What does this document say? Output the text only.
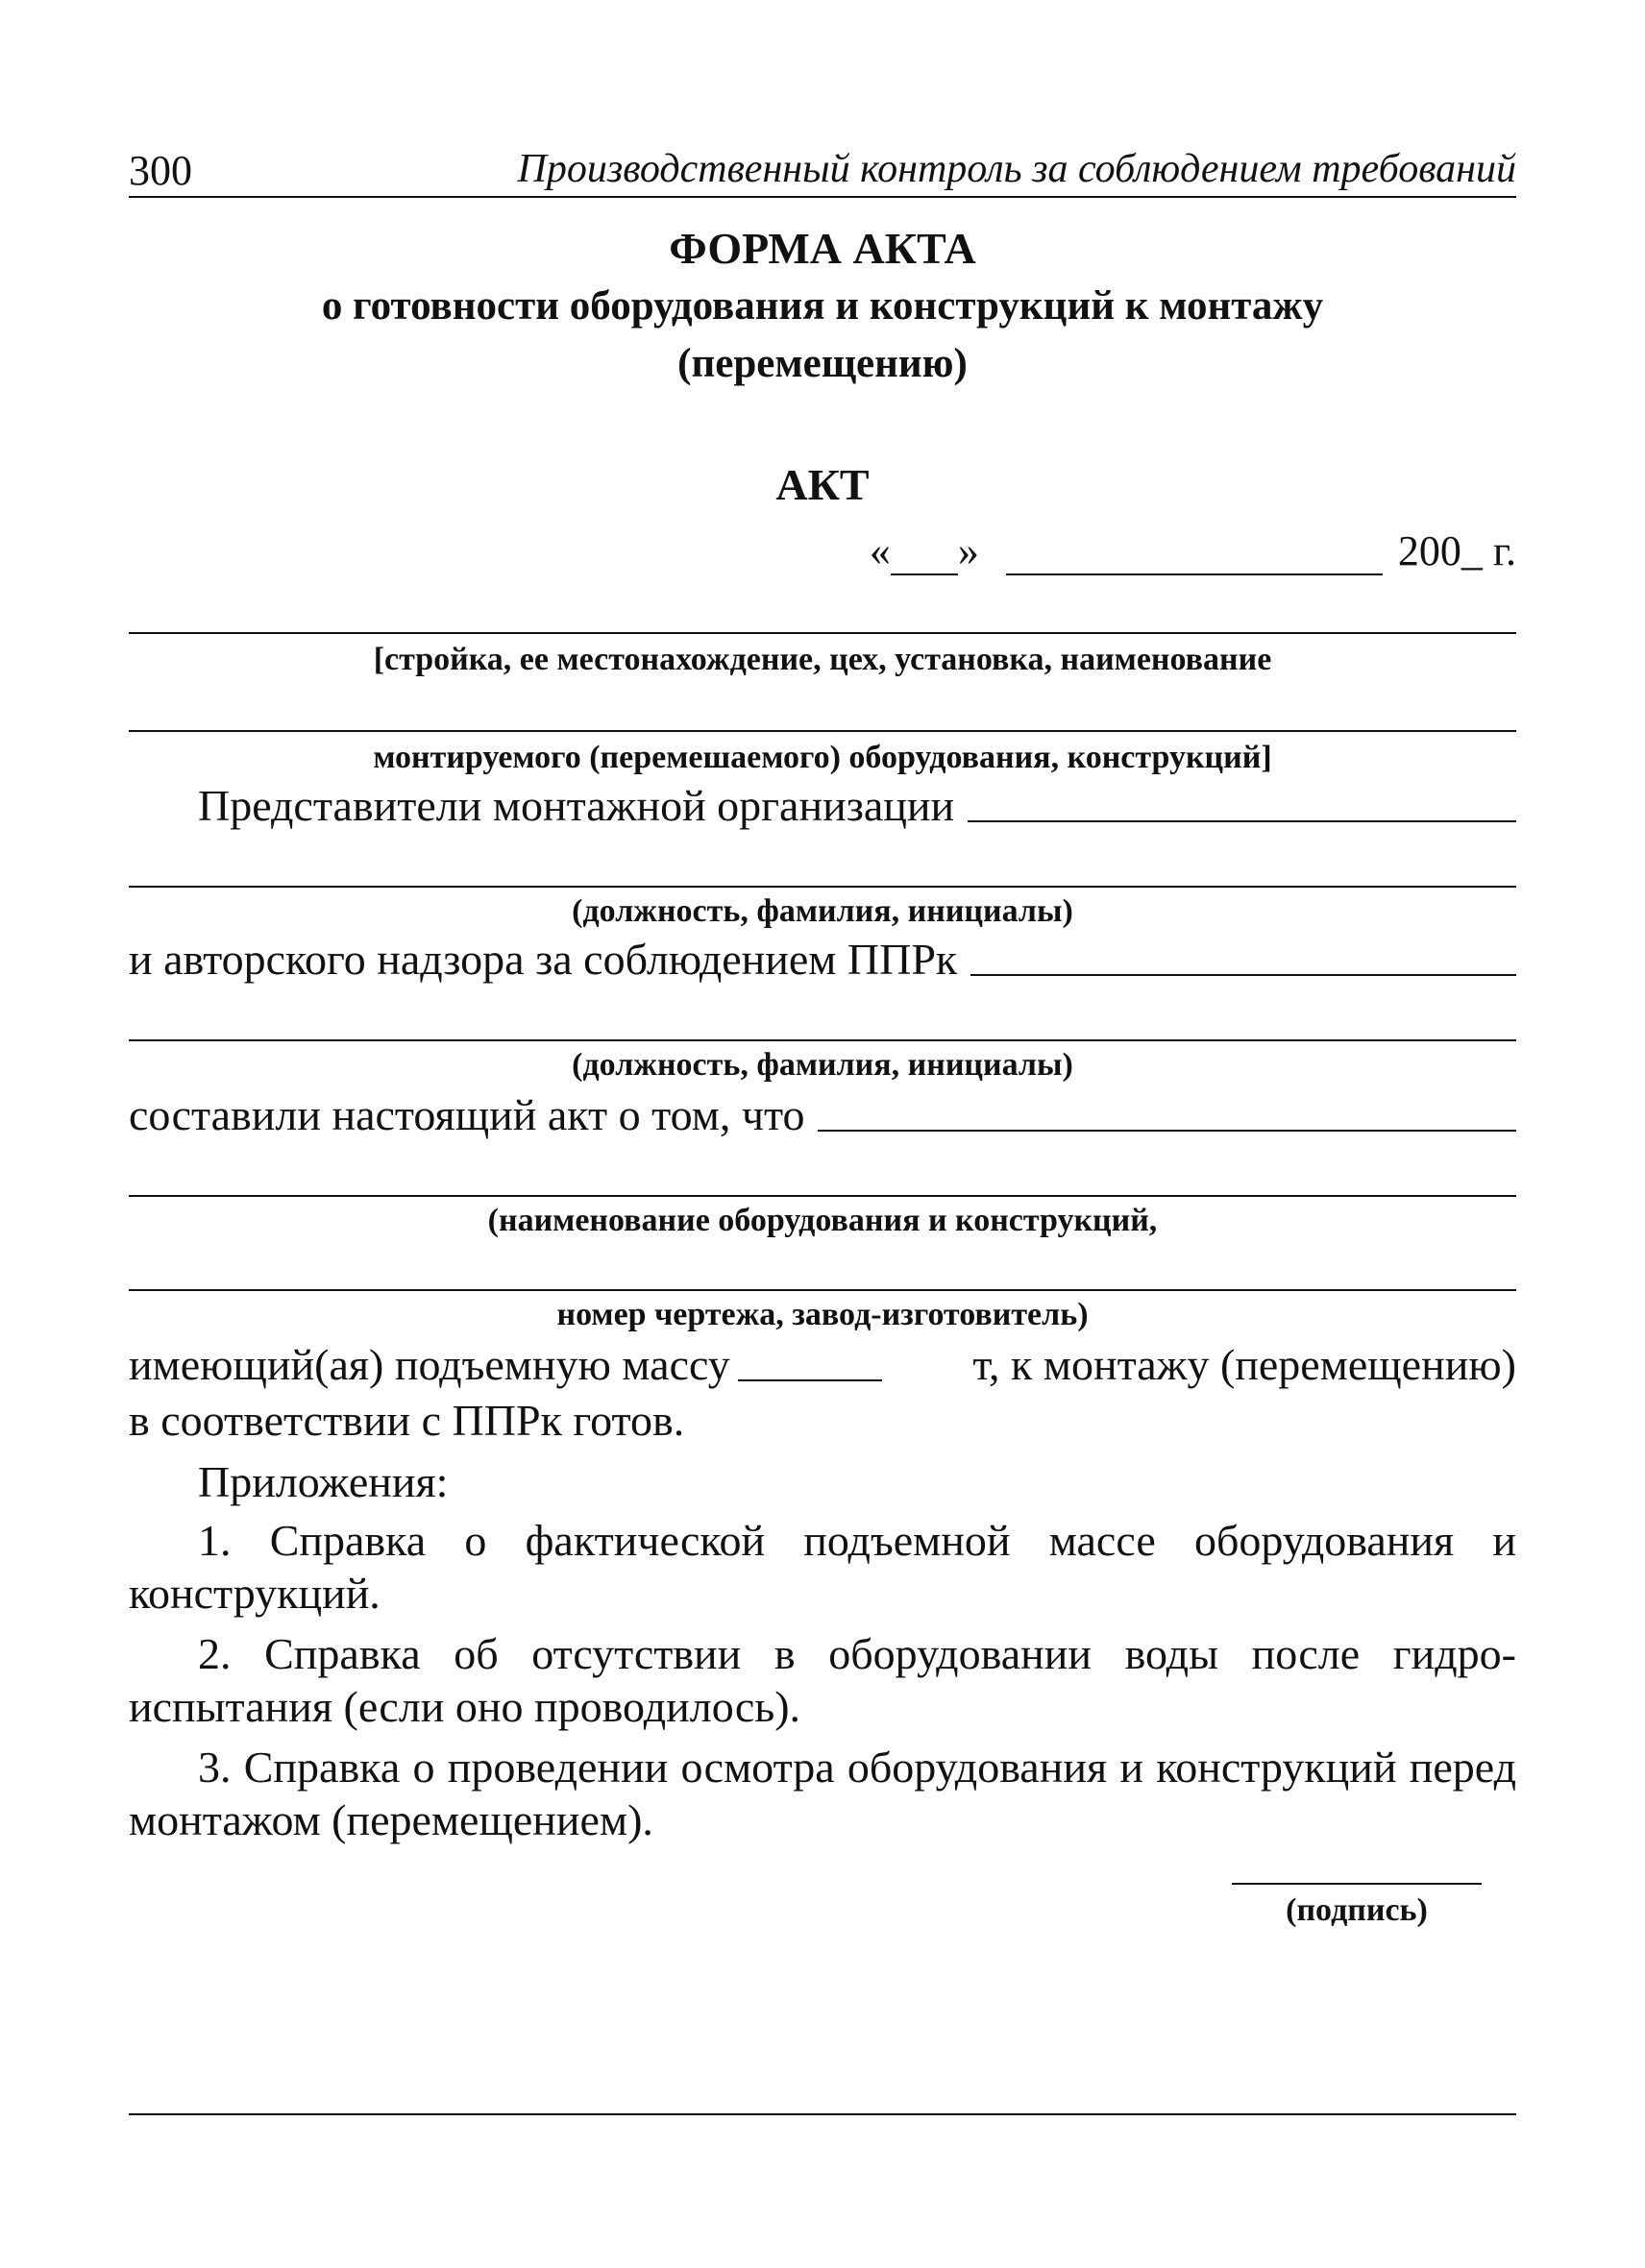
300	Производственный контроль за соблюдением требований
ФОРМА АКТА
о готовности оборудования и конструкций к монтажу
(перемещению)
АКТ
« »	200_ г.
[стройка, ее местонахождение, цех, установка, наименование
монтируемого (перемешаемого) оборудования, конструкций]
Представители монтажной организации
(должность, фамилия, инициалы)
и авторского надзора за соблюдением ППРк
(должность, фамилия, инициалы)
составили настоящий акт о том, что
(наименование оборудования и конструкций,
номер чертежа, завод-изготовитель)
имеющий(ая) подъемную массу	т, к монтажу (перемещению)
в соответствии с ППРк готов.
Приложения:
1. Справка о фактической подъемной массе оборудования и конструкций.
2. Справка об отсутствии в оборудовании воды после гидро-испытания (если оно проводилось).
3. Справка о проведении осмотра оборудования и конструкций перед монтажом (перемещением).
(подпись)
